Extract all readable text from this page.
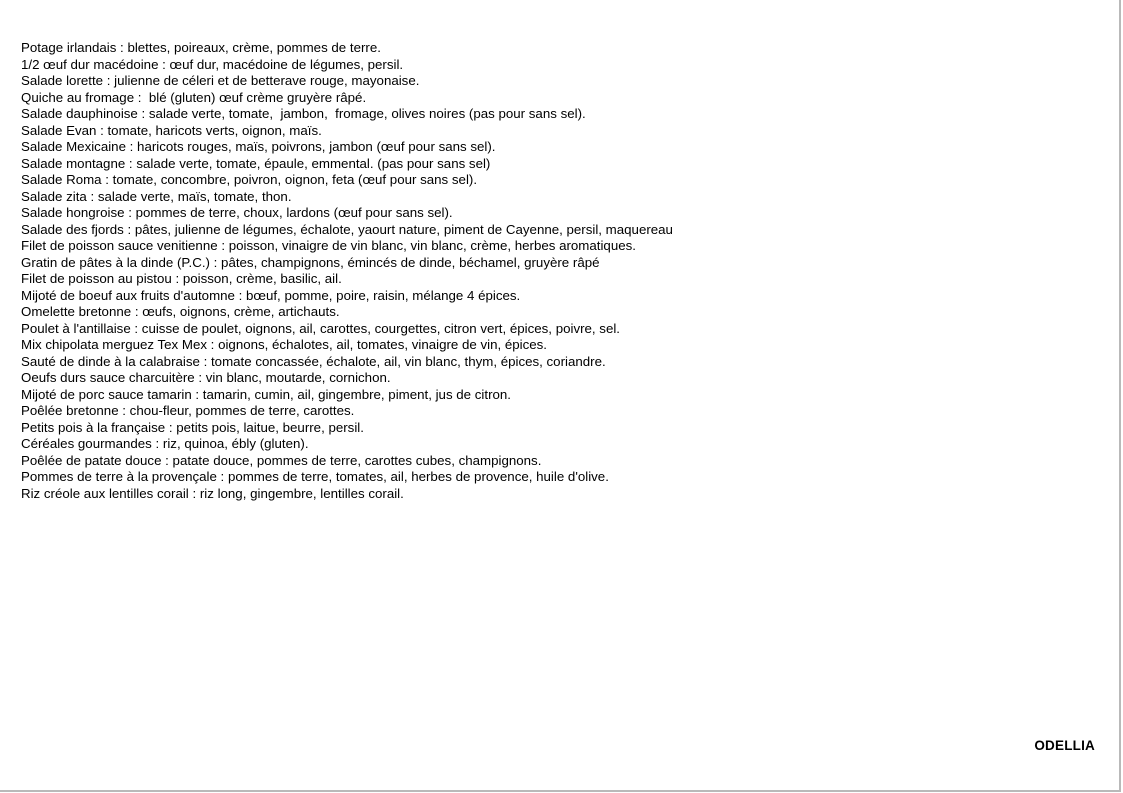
Potage irlandais : blettes, poireaux, crème, pommes de terre.
1/2 œuf dur macédoine : œuf dur, macédoine de légumes, persil.
Salade lorette : julienne de céleri et de betterave rouge, mayonaise.
Quiche au fromage :  blé (gluten) œuf crème gruyère râpé.
Salade dauphinoise : salade verte, tomate,  jambon,  fromage, olives noires (pas pour sans sel).
Salade Evan : tomate, haricots verts, oignon, maïs.
Salade Mexicaine : haricots rouges, maïs, poivrons, jambon (œuf pour sans sel).
Salade montagne : salade verte, tomate, épaule, emmental. (pas pour sans sel)
Salade Roma : tomate, concombre, poivron, oignon, feta (œuf pour sans sel).
Salade zita : salade verte, maïs, tomate, thon.
Salade hongroise : pommes de terre, choux, lardons (œuf pour sans sel).
Salade des fjords : pâtes, julienne de légumes, échalote, yaourt nature, piment de Cayenne, persil, maquereau
Filet de poisson sauce venitienne : poisson, vinaigre de vin blanc, vin blanc, crème, herbes aromatiques.
Gratin de pâtes à la dinde (P.C.) : pâtes, champignons, émincés de dinde, béchamel, gruyère râpé
Filet de poisson au pistou : poisson, crème, basilic, ail.
Mijoté de boeuf aux fruits d'automne : bœuf, pomme, poire, raisin, mélange 4 épices.
Omelette bretonne : œufs, oignons, crème, artichauts.
Poulet à l'antillaise : cuisse de poulet, oignons, ail, carottes, courgettes, citron vert, épices, poivre, sel.
Mix chipolata merguez Tex Mex : oignons, échalotes, ail, tomates, vinaigre de vin, épices.
Sauté de dinde à la calabraise : tomate concassée, échalote, ail, vin blanc, thym, épices, coriandre.
Oeufs durs sauce charcuitère : vin blanc, moutarde, cornichon.
Mijoté de porc sauce tamarin : tamarin, cumin, ail, gingembre, piment, jus de citron.
Poêlée bretonne : chou-fleur, pommes de terre, carottes.
Petits pois à la française : petits pois, laitue, beurre, persil.
Céréales gourmandes : riz, quinoa, ébly (gluten).
Poêlée de patate douce : patate douce, pommes de terre, carottes cubes, champignons.
Pommes de terre à la provençale : pommes de terre, tomates, ail, herbes de provence, huile d'olive.
Riz créole aux lentilles corail : riz long, gingembre, lentilles corail.
ODELLIA
